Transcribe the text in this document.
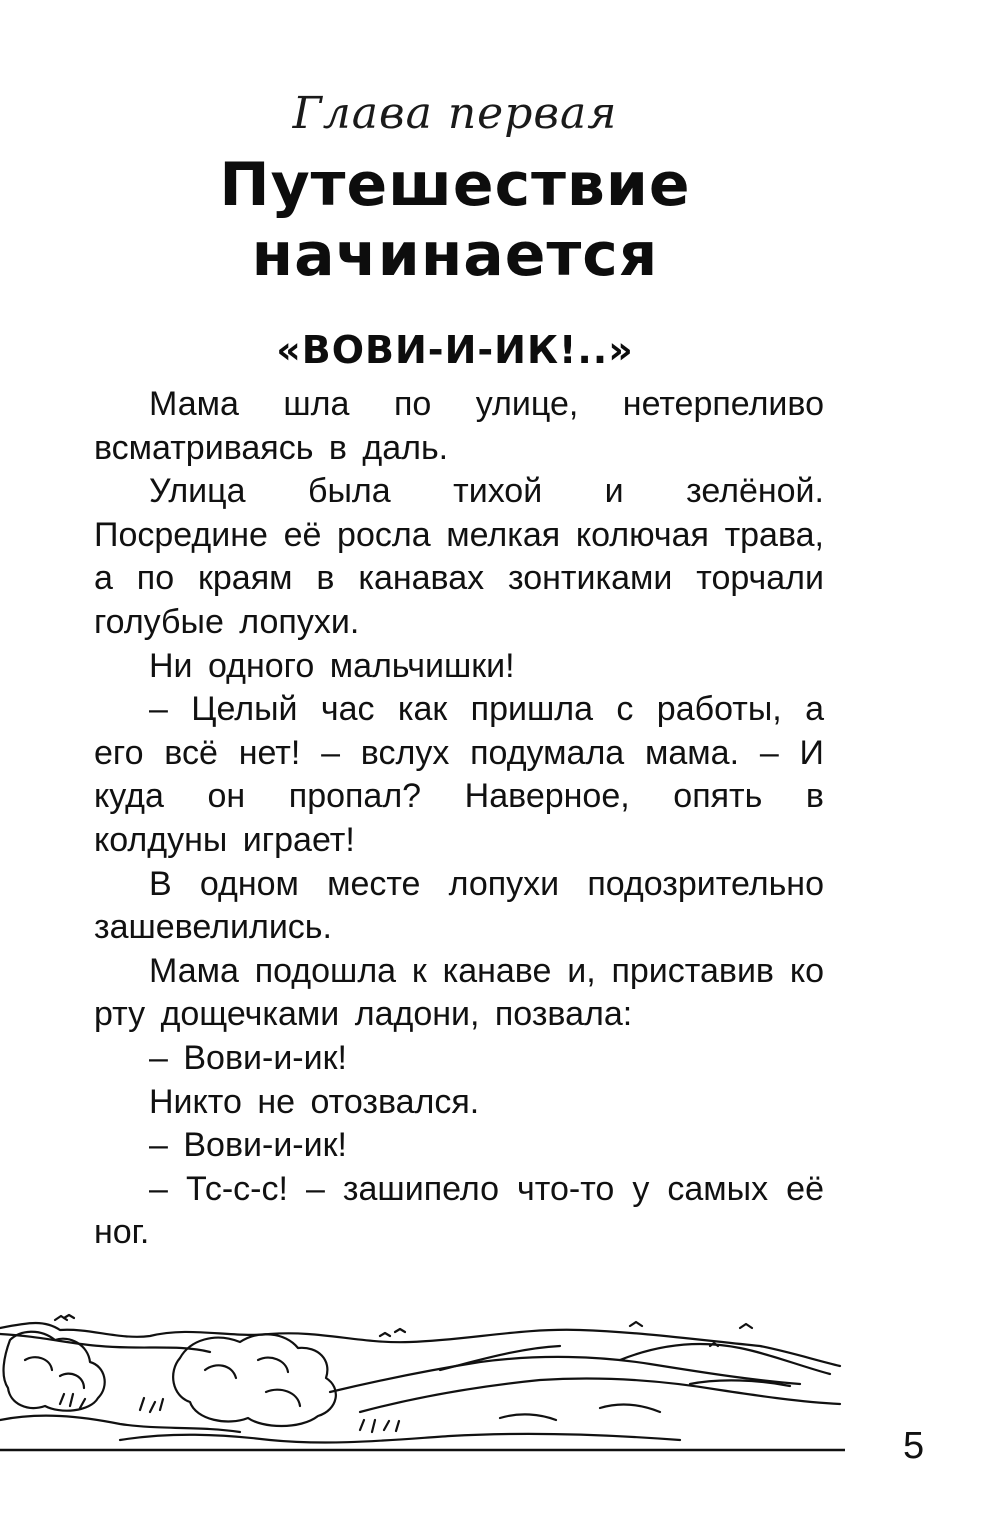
Глава первая
Путешествие
начинается
«ВОВИ-И-ИК!..»

Мама шла по улице, нетерпеливо всматриваясь в даль.

Улица была тихой и зелёной. Посредине её росла мелкая колючая трава, а по краям в канавах зонтиками торчали голубые лопухи.

Ни одного мальчишки!

– Целый час как пришла с работы, а его всё нет! – вслух подумала мама. – И куда он пропал? Наверное, опять в колдуны играет!

В одном месте лопухи подозрительно зашевелились.

Мама подошла к канаве и, приставив ко рту дощечками ладони, позвала:

– Вови-и-ик!

Никто не отозвался.

– Вови-и-ик!

– Тс-с-с! – зашипело что-то у самых её ног.

5
